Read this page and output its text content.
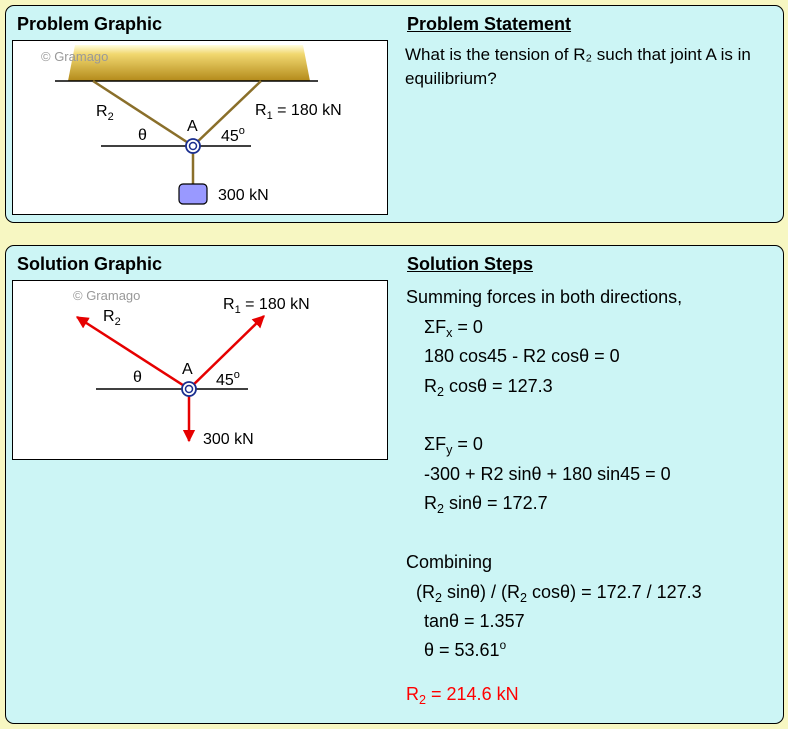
Problem Graphic	Problem Statement
© Gramago
$R_2$	$R_1 = 180$ kN
θ
A
45$^o$
300 kN
What is the tension of R₂ such that joint A is in equilibrium?
Solution Graphic	Solution Steps
© Gramago
$R_2$
$R_1 = 180$ kN
θ	A
45$^o$
300 kN
Summing forces in both directions,
$\Sigma F_x = 0$
180 cos45 - R2 cosθ = 0
$R_2$ cosθ = 127.3
$\Sigma F_y = 0$
-300 + R2 sinθ + 180 sin45 = 0
$R_2$ sinθ = 172.7
Combining
($R_2$ $\sin\theta) / (R_2$ cosθ) = 172.7 / 127.3
tanθ = 1.357
$\theta = 53.61^o$
$R_2 = 214.6$ kN
